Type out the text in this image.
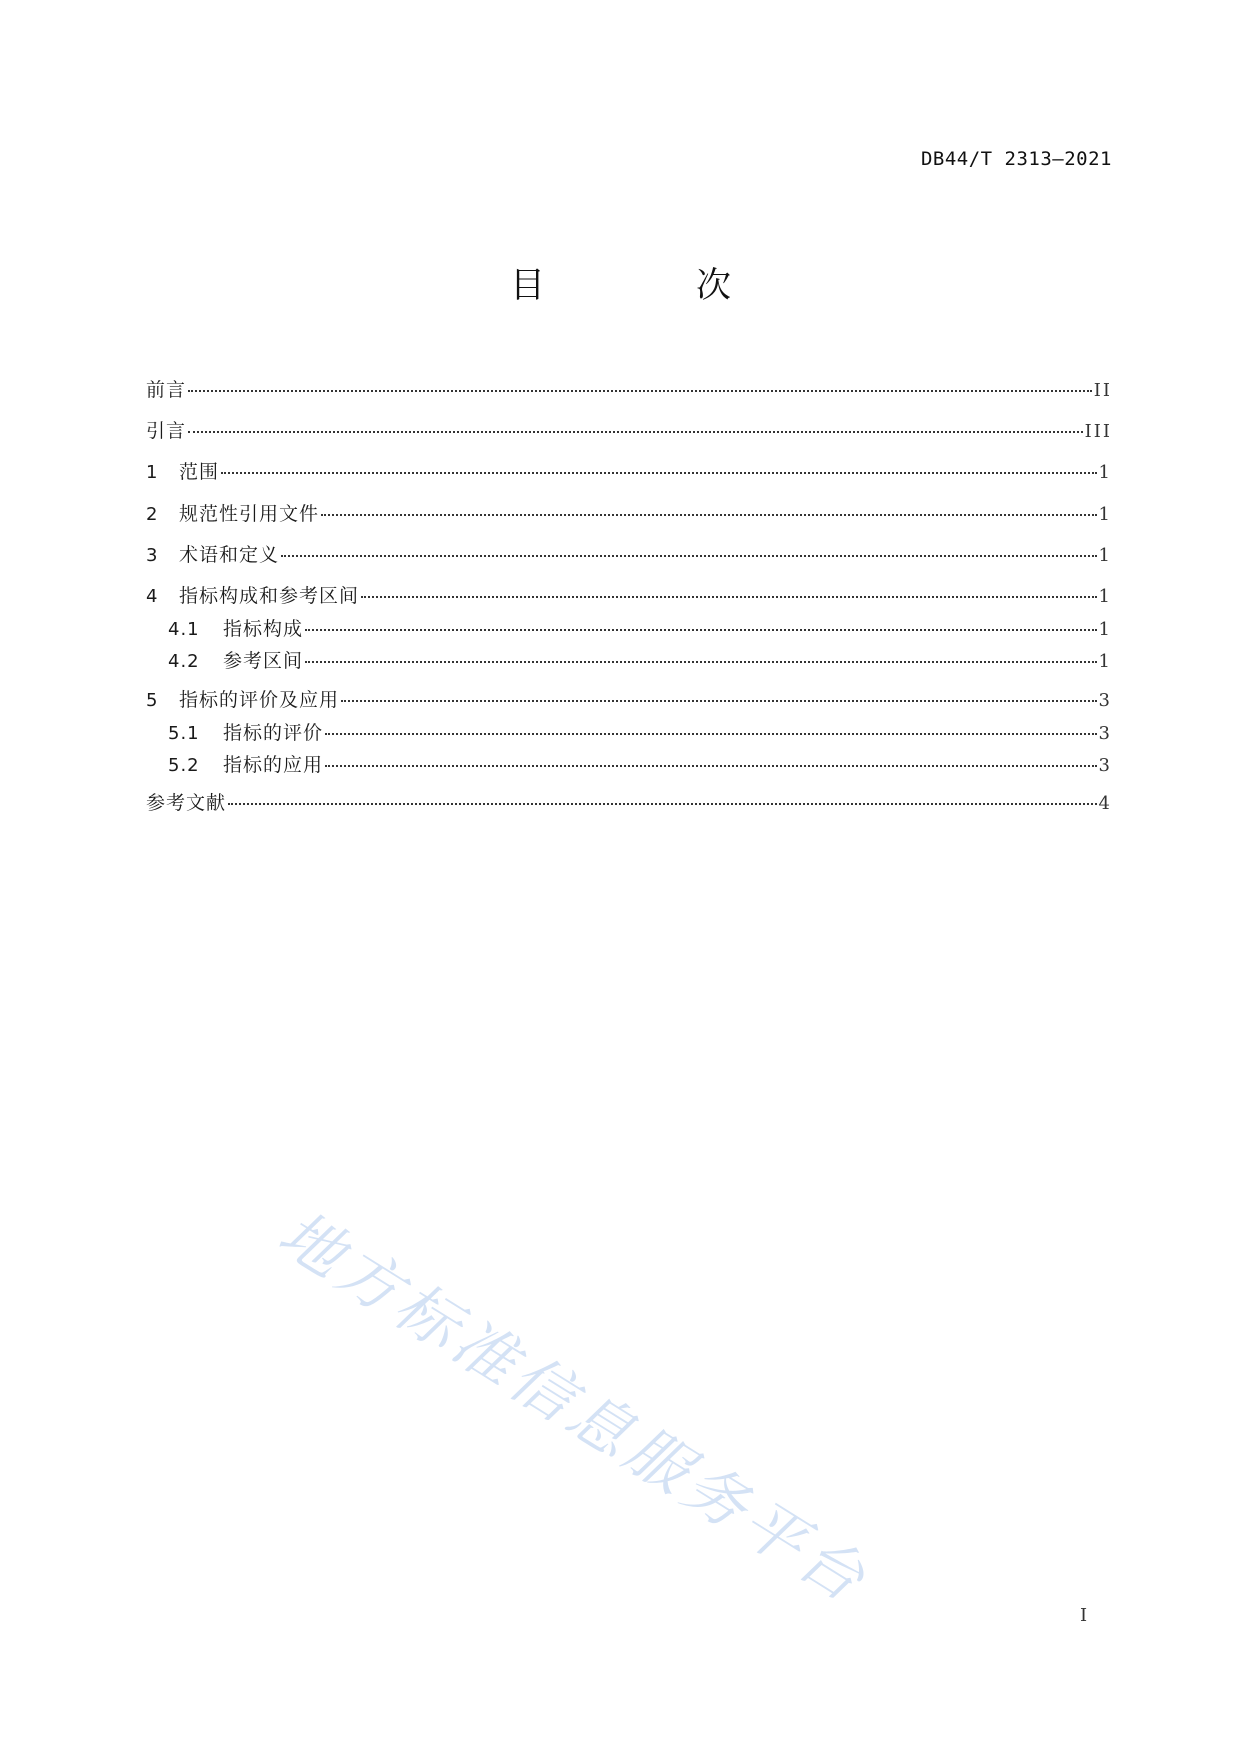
DB44/T 2313—2021
目　次
前言	II
引言	III
1	范围	1
2	规范性引用文件	1
3	术语和定义	1
4	指标构成和参考区间	1
4.1	指标构成	1
4.2	参考区间	1
5	指标的评价及应用	3
5.1	指标的评价	3
5.2	指标的应用	3
参考文献	4
地方标准信息服务平台	I
